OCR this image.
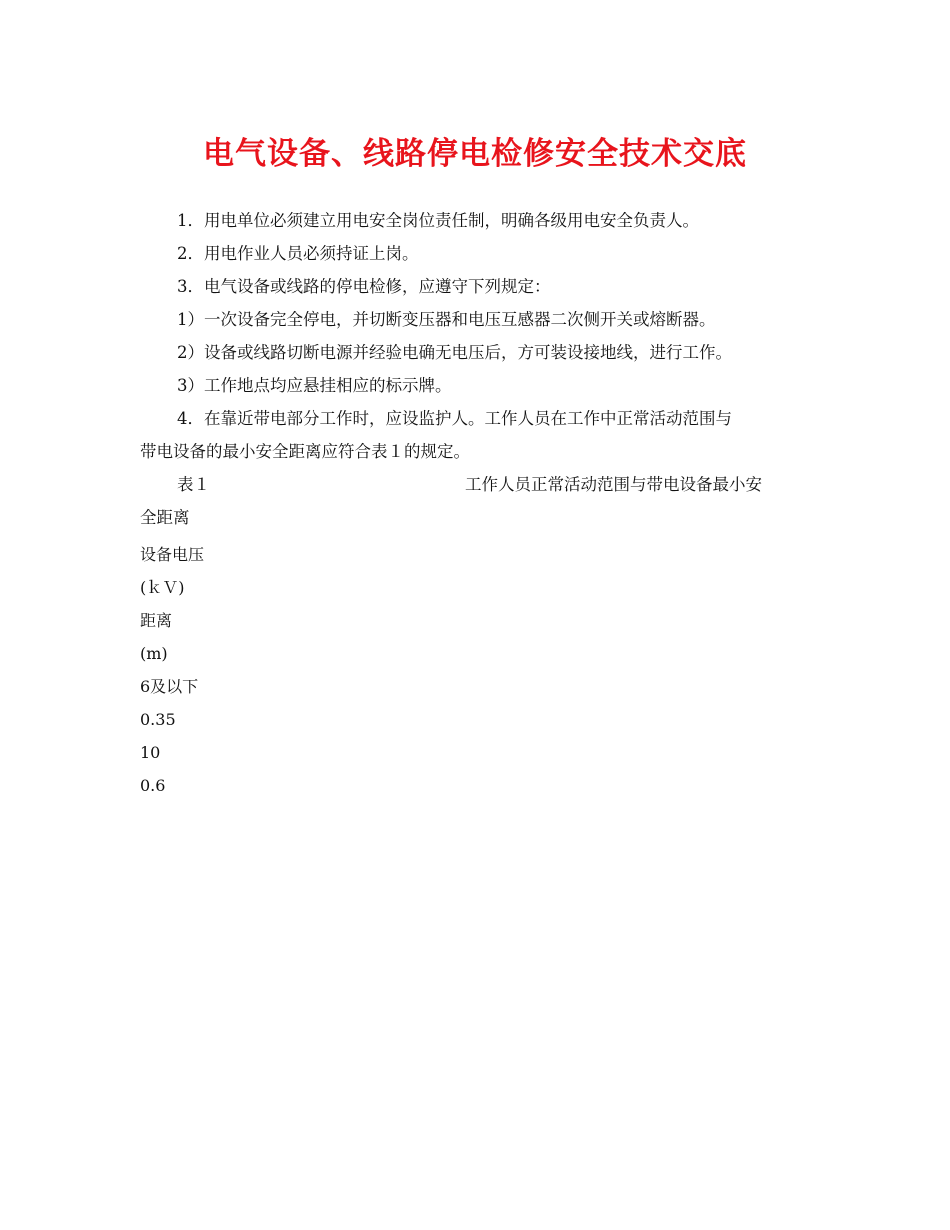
电气设备、线路停电检修安全技术交底

1．用电单位必须建立用电安全岗位责任制，明确各级用电安全负责人。

2．用电作业人员必须持证上岗。

3．电气设备或线路的停电检修，应遵守下列规定：

1）一次设备完全停电，并切断变压器和电压互感器二次侧开关或熔断器。

2）设备或线路切断电源并经验电确无电压后，方可装设接地线，进行工作。

3）工作地点均应悬挂相应的标示牌。

4．在靠近带电部分工作时，应设监护人。工作人员在工作中正常活动范围与

带电设备的最小安全距离应符合表１的规定。

表１	工作人员正常活动范围与带电设备最小安

全距离

设备电压

(ｋＶ)

距离

(m)

6及以下

0.35

10

0.6
